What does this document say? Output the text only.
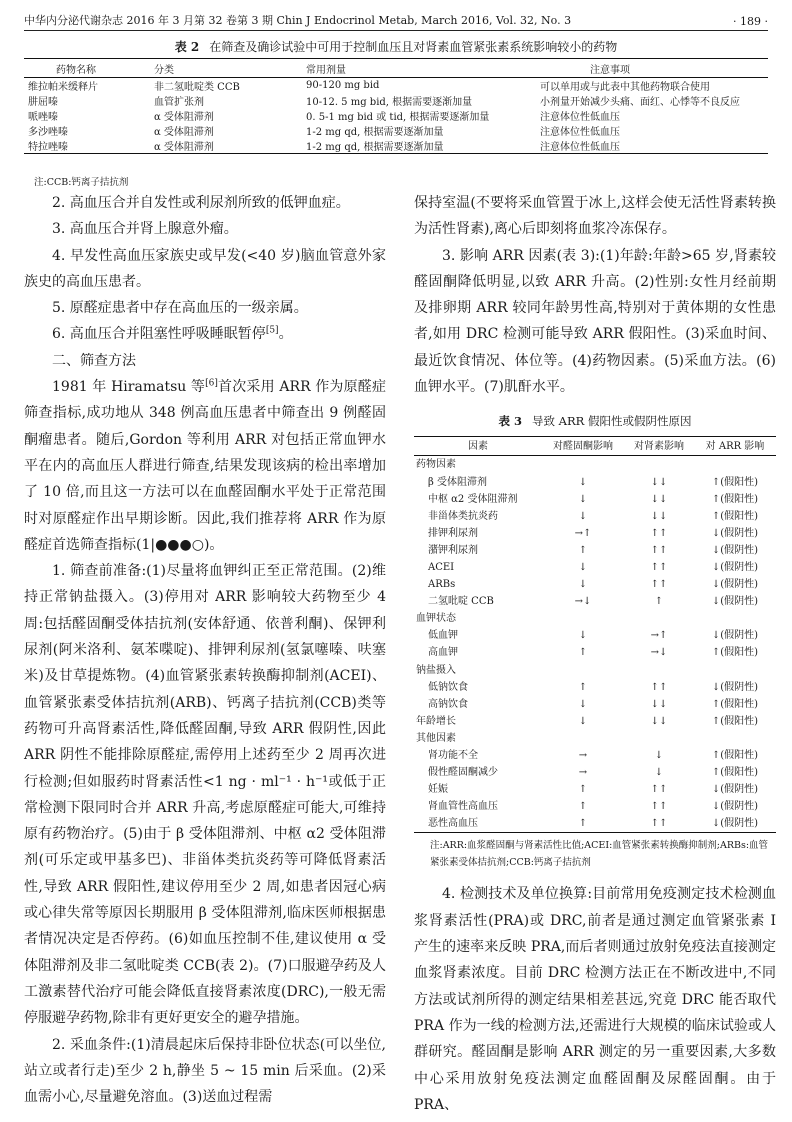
中华内分泌代谢杂志 2016 年 3 月第 32 卷第 3 期 Chin J Endocrinol Metab, March 2016, Vol. 32, No. 3	· 189 ·
表 2 在筛查及确诊试验中可用于控制血压且对肾素血管紧张素系统影响较小的药物
药物名称	分类	常用剂量	注意事项
维拉帕米缓释片	非二氢吡啶类 CCB	90-120 mg bid	可以单用或与此表中其他药物联合使用
肼屈嗪	血管扩张剂	10-12. 5 mg bid, 根据需要逐渐加量	小剂量开始减少头痛、面红、心悸等不良反应
哌唑嗪	α 受体阻滞剂	0. 5-1 mg bid 或 tid, 根据需要逐渐加量	注意体位性低血压
多沙唑嗪	α 受体阻滞剂	1-2 mg qd, 根据需要逐渐加量	注意体位性低血压
特拉唑嗪	α 受体阻滞剂	1-2 mg qd, 根据需要逐渐加量	注意体位性低血压
注:CCB:钙离子拮抗剂

2. 高血压合并自发性或利尿剂所致的低钾血症。

3. 高血压合并肾上腺意外瘤。

4. 早发性高血压家族史或早发(<40 岁)脑血管意外家族史的高血压患者。

5. 原醛症患者中存在高血压的一级亲属。

6. 高血压合并阻塞性呼吸睡眠暂停[5]。

二、筛查方法

1981 年 Hiramatsu 等[6]首次采用 ARR 作为原醛症筛查指标,成功地从 348 例高血压患者中筛查出 9 例醛固酮瘤患者。随后,Gordon 等利用 ARR 对包括正常血钾水平在内的高血压人群进行筛查,结果发现该病的检出率增加了 10 倍,而且这一方法可以在血醛固酮水平处于正常范围时对原醛症作出早期诊断。因此,我们推荐将 ARR 作为原醛症首选筛查指标(1|●●●○)。

1. 筛查前准备:(1)尽量将血钾纠正至正常范围。(2)维持正常钠盐摄入。(3)停用对 ARR 影响较大药物至少 4 周:包括醛固酮受体拮抗剂(安体舒通、依普利酮)、保钾利尿剂(阿米洛利、氨苯喋啶)、排钾利尿剂(氢氯噻嗪、呋塞米)及甘草提炼物。(4)血管紧张素转换酶抑制剂(ACEI)、血管紧张素受体拮抗剂(ARB)、钙离子拮抗剂(CCB)类等药物可升高肾素活性,降低醛固酮,导致 ARR 假阴性,因此 ARR 阴性不能排除原醛症,需停用上述药至少 2 周再次进行检测;但如服药时肾素活性<1 ng · ml⁻¹ · h⁻¹或低于正常检测下限同时合并 ARR 升高,考虑原醛症可能大,可维持原有药物治疗。(5)由于 β 受体阻滞剂、中枢 α2 受体阻滞剂(可乐定或甲基多巴)、非甾体类抗炎药等可降低肾素活性,导致 ARR 假阳性,建议停用至少 2 周,如患者因冠心病或心律失常等原因长期服用 β 受体阻滞剂,临床医师根据患者情况决定是否停药。(6)如血压控制不佳,建议使用 α 受体阻滞剂及非二氢吡啶类 CCB(表 2)。(7)口服避孕药及人工激素替代治疗可能会降低直接肾素浓度(DRC),一般无需停服避孕药物,除非有更好更安全的避孕措施。

2. 采血条件:(1)清晨起床后保持非卧位状态(可以坐位,站立或者行走)至少 2 h,静坐 5 ~ 15 min 后采血。(2)采血需小心,尽量避免溶血。(3)送血过程需

保持室温(不要将采血管置于冰上,这样会使无活性肾素转换为活性肾素),离心后即刻将血浆冷冻保存。

3. 影响 ARR 因素(表 3):(1)年龄:年龄>65 岁,肾素较醛固酮降低明显,以致 ARR 升高。(2)性别:女性月经前期及排卵期 ARR 较同年龄男性高,特别对于黄体期的女性患者,如用 DRC 检测可能导致 ARR 假阳性。(3)采血时间、最近饮食情况、体位等。(4)药物因素。(5)采血方法。(6)血钾水平。(7)肌酐水平。

表 3 导致 ARR 假阳性或假阴性原因
因素	对醛固酮影响	对肾素影响	对 ARR 影响
药物因素			
β 受体阻滞剂	↓	↓↓	↑(假阳性)
中枢 α2 受体阻滞剂	↓	↓↓	↑(假阳性)
非甾体类抗炎药	↓	↓↓	↑(假阳性)
排钾利尿剂	→↑	↑↑	↓(假阴性)
潴钾利尿剂	↑	↑↑	↓(假阴性)
ACEI	↓	↑↑	↓(假阴性)
ARBs	↓	↑↑	↓(假阴性)
二氢吡啶 CCB	→↓	↑	↓(假阴性)
血钾状态			
低血钾	↓	→↑	↓(假阴性)
高血钾	↑	→↓	↑(假阳性)
钠盐摄入			
低钠饮食	↑	↑↑	↓(假阴性)
高钠饮食	↓	↓↓	↑(假阳性)
年龄增长	↓	↓↓	↑(假阳性)
其他因素			
肾功能不全	→	↓	↑(假阳性)
假性醛固酮减少	→	↓	↑(假阳性)
妊娠	↑	↑↑	↓(假阴性)
肾血管性高血压	↑	↑↑	↓(假阴性)
恶性高血压	↑	↑↑	↓(假阴性)
注:ARR:血浆醛固酮与肾素活性比值;ACEI:血管紧张素转换酶抑制剂;ARBs:血管紧张素受体拮抗剂;CCB:钙离子拮抗剂

4. 检测技术及单位换算:目前常用免疫测定技术检测血浆肾素活性(PRA)或 DRC,前者是通过测定血管紧张素 Ⅰ 产生的速率来反映 PRA,而后者则通过放射免疫法直接测定血浆肾素浓度。目前 DRC 检测方法正在不断改进中,不同方法或试剂所得的测定结果相差甚远,究竟 DRC 能否取代 PRA 作为一线的检测方法,还需进行大规模的临床试验或人群研究。醛固酮是影响 ARR 测定的另一重要因素,大多数中心采用放射免疫法测定血醛固酮及尿醛固酮。由于 PRA、
